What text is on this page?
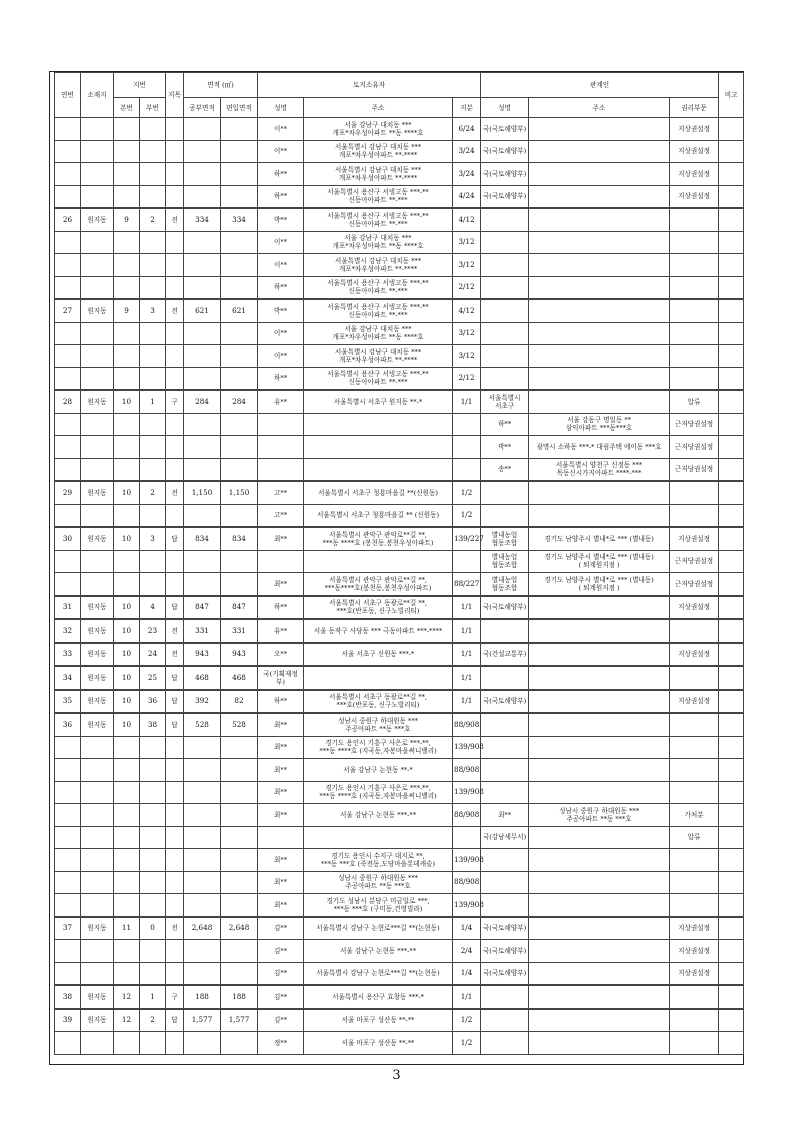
연번	소재지	지번		지목	면적 (㎡)		토지소유자			관계인			비고
		본번	부번		공부면적	편입면적	성명	주소	지분	성명	주소	권리부문	
							이**	서울 강남구 대치동 ***
개포*차우성아파트 **동 ****호	6/24	국(국토해양부)		지상권설정	
							이**	서울특별시 강남구 대치동 ***
개포*차우성아파트 **-****	3/24	국(국토해양부)		지상권설정	
							하**	서울특별시 강남구 대치동 ***
개포*차우성아파트 **-****	3/24	국(국토해양부)		지상권설정	
							하**	서울특별시 용산구 서빙고동 ***-**
신동아아파트 **-***	4/24	국(국토해양부)		지상권설정	
26	원지동	9	2	전	334	334	박**	서울특별시 용산구 서빙고동 ***-**
신동아아파트 **-***	4/12				
							이**	서울 강남구 대치동 ***
개포*차우성아파트 **동 ****호	3/12				
							이**	서울특별시 강남구 대치동 ***
개포*차우성아파트 **-****	3/12				
							하**	서울특별시 용산구 서빙고동 ***-**
신동아아파트 **-***	2/12				
27	원지동	9	3	전	621	621	박**	서울특별시 용산구 서빙고동 ***-**
신동아아파트 **-***	4/12				
							이**	서울 강남구 대치동 ***
개포*차우성아파트 **동 ****호	3/12				
							이**	서울특별시 강남구 대치동 ***
개포*차우성아파트 **-****	3/12				
							하**	서울특별시 용산구 서빙고동 ***-**
신동아아파트 **-***	2/12				
28	원지동	10	1	구	284	284	유**	서울특별시 서초구 원지동 **-*	1/1	서울특별시
서초구		압류	
										하**	서울 강동구 명일동 **
삼익아파트 ***동***호	근저당권설정	
										박**	광명시 소하동 ***-* 대림주택 에이동 ***호	근저당권설정	
										송**	서울특별시 양천구 신정동 ***
목동신시가지아파트 ****-***	근저당권설정	
29	원지동	10	2	전	1,150	1,150	고**	서울특별시 서초구 청룡마을길 **(신원동)	1/2				
							고**	서울특별시 서초구 청룡마을길 ** (신원동)	1/2				
30	원지동	10	3	답	834	834	최**	서울특별시 관악구 관악로**길 **,
***동 ****호 (봉천동,봉천우성아파트)	139/227	별내농업
협동조합	경기도 남양주시 별내*로 *** (별내동)	지상권설정	
										별내농업
협동조합	경기도 남양주시 별내*로 *** (별내동)
( 퇴계원지점 )	근저당권설정	
							최**	서울특별시 관악구 관악로**길 **,
***동****호(봉천동,봉천우성아파트)	88/227	별내농업
협동조합	경기도 남양주시 별내*로 *** (별내동)
( 퇴계원지점 )	근저당권설정	
31	원지동	10	4	답	847	847	하**	서울특별시 서초구 동광로**길 **,
***호(반포동, 신구노빌리티)	1/1	국(국토해양부)		지상권설정	
32	원지동	10	23	전	331	331	유**	서울 동작구 사당동 *** 극동아파트 ***-****	1/1				
33	원지동	10	24	전	943	943	오**	서울 서초구 신원동 ***-*	1/1	국(건설교통부)		지상권설정	
34	원지동	10	25	답	468	468	국(기획재정부)		1/1				
35	원지동	10	36	답	392	82	하**	서울특별시 서초구 동광로**길 **,
***호(반포동, 신구노빌리티)	1/1	국(국토해양부)		지상권설정	
36	원지동	10	38	답	528	528	최**	성남시 중원구 하대원동 ***
주공아파트 **동 ***호	88/908				
							최**	경기도 용인시 기흥구 사은로 ***-**,
***동 ****호 (지곡동,자봉마을써니밸리)	139/908				
							최**	서울 강남구 논현동 **-*	88/908				
							최**	경기도 용인시 기흥구 사은로 ***-**,
***동 ****호 (지곡동,자봉마을써니밸리)	139/908				
							최**	서울 강남구 논현동 ***-**	88/908	최**	성남시 중원구 하대원동 ***
주공아파트 **동 ***호	가처분	
										국(강남세무서)		압류	
							최**	경기도 용인시 수지구 대지로 **,
***동 ***호 (죽전동,도담마을롯데캐슬)	139/908				
							최**	성남시 중원구 하대원동 ***
주공아파트 **동 ***호	88/908				
							최**	경기도 성남시 분당구 미금일로 ***,
***동 ***호 (구미동,건영빌라)	139/908				
37	원지동	11	0	전	2,648	2,648	김**	서울특별시 강남구 논현로***길 **(논현동)	1/4	국(국토해양부)		지상권설정	
							김**	서울 강남구 논현동 ***-**	2/4	국(국토해양부)		지상권설정	
							김**	서울특별시 강남구 논현로***길 **(논현동)	1/4	국(국토해양부)		지상권설정	
38	원지동	12	1	구	188	188	김**	서울특별시 용산구 효창동 ***-*	1/1				
39	원지동	12	2	답	1,577	1,577	김**	서울 마포구 성산동 **-**	1/2				
							정**	서울 마포구 성산동 **-**	1/2				
3
